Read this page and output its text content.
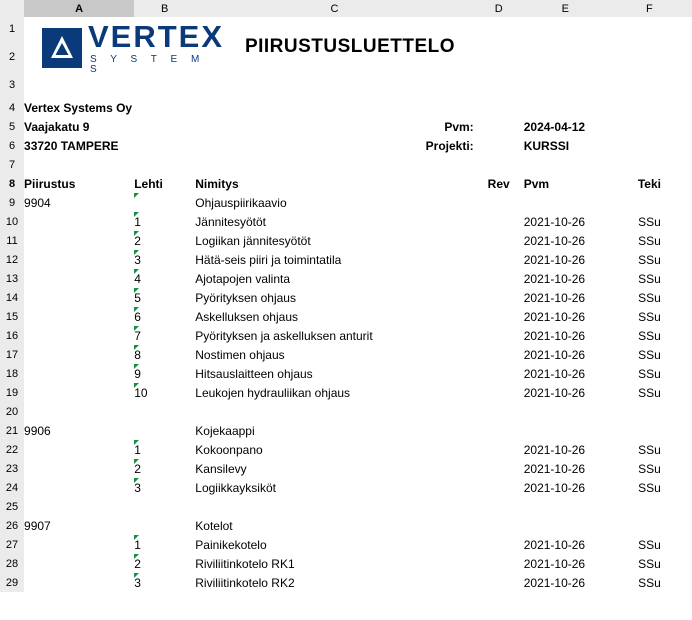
	A	B	C	D	E	F
1						
2						
3						
4	Vertex Systems Oy					
5	Vaajakatu 9		Pvm:		2024-04-12	
6	33720 TAMPERE		Projekti:		KURSSI	
7						
8	Piirustus	Lehti	Nimitys	Rev	Pvm	Teki
9	9904		Ohjauspiirikaavio			
10		1	Jännitesyötöt		2021-10-26	SSu
11		2	Logiikan jännitesyötöt		2021-10-26	SSu
12		3	Hätä-seis piiri ja toimintatila		2021-10-26	SSu
13		4	Ajotapojen valinta		2021-10-26	SSu
14		5	Pyörityksen ohjaus		2021-10-26	SSu
15		6	Askelluksen ohjaus		2021-10-26	SSu
16		7	Pyörityksen ja askelluksen anturit		2021-10-26	SSu
17		8	Nostimen ohjaus		2021-10-26	SSu
18		9	Hitsauslaitteen ohjaus		2021-10-26	SSu
19		10	Leukojen hydrauliikan ohjaus		2021-10-26	SSu
20						
21	9906		Kojekaappi			
22		1	Kokoonpano		2021-10-26	SSu
23		2	Kansilevy		2021-10-26	SSu
24		3	Logiikkayksiköt		2021-10-26	SSu
25						
26	9907		Kotelot			
27		1	Painikekotelo		2021-10-26	SSu
28		2	Riviliitinkotelo RK1		2021-10-26	SSu
29		3	Riviliitinkotelo RK2		2021-10-26	SSu
VERTEX
S Y S T E M S
PIIRUSTUSLUETTELO
